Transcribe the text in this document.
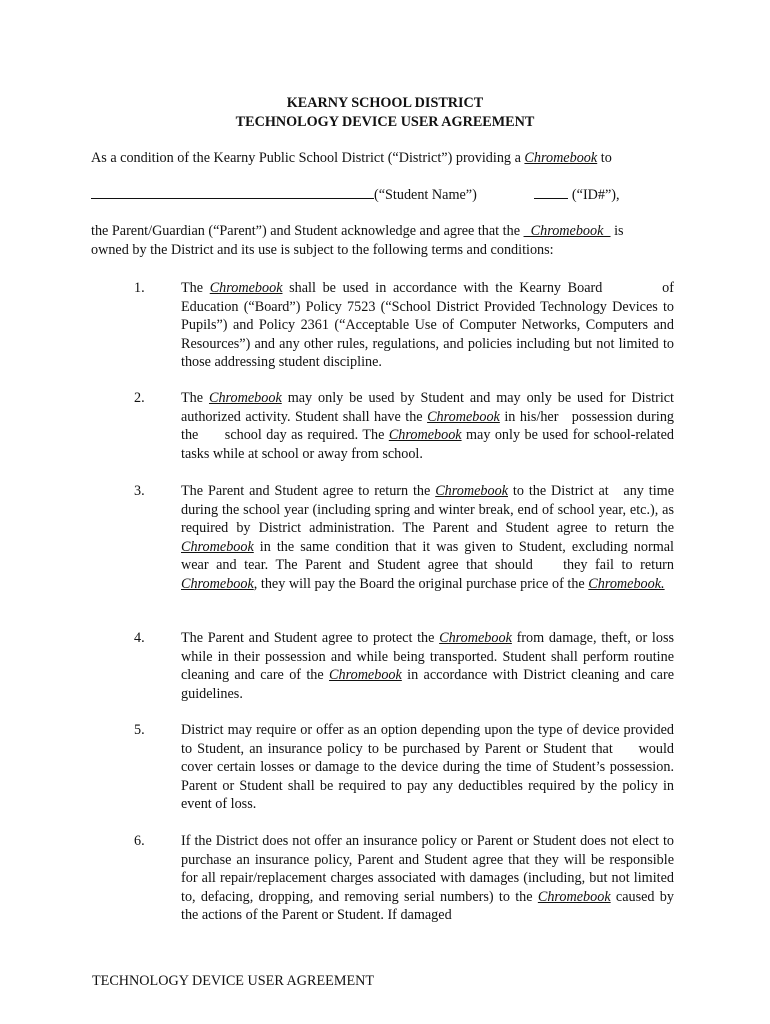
KEARNY SCHOOL DISTRICT
TECHNOLOGY DEVICE USER AGREEMENT
As a condition of the Kearny Public School District (“District”) providing a Chromebook to
(“Student Name”)	(“ID#”),
the Parent/Guardian (“Parent”) and Student acknowledge and agree that the   Chromebook   is
owned by the District and its use is subject to the following terms and conditions:
1.	The Chromebook shall be used in accordance with the Kearny Board         of Education (“Board”) Policy 7523 (“School District Provided Technology Devices to Pupils”) and Policy 2361 (“Acceptable Use of Computer Networks, Computers and Resources”) and any other rules, regulations, and policies including but not limited to those addressing student discipline.
2.	The Chromebook may only be used by Student and may only be used for District authorized activity. Student shall have the Chromebook in his/her   possession during the      school day as required. The Chromebook may only be used for school-related tasks while at school or away from school.
3.	The Parent and Student agree to return the Chromebook to the District at   any time during the school year (including spring and winter break, end of school year, etc.), as required by District administration. The Parent and Student agree to return the Chromebook in the same condition that it was given to Student, excluding normal wear and tear. The Parent and Student agree that should    they fail to return Chromebook, they will pay the Board the original purchase price of the Chromebook.
4.	The Parent and Student agree to protect the Chromebook from damage, theft, or loss while in their possession and while being transported. Student shall perform routine cleaning and care of the Chromebook in accordance with District cleaning and care guidelines.
5.	District may require or offer as an option depending upon the type of device provided to Student, an insurance policy to be purchased by Parent or Student that     would cover certain losses or damage to the device during the time of Student’s possession. Parent or Student shall be required to pay any deductibles required by the policy in event of loss.
6.	If the District does not offer an insurance policy or Parent or Student does not elect to purchase an insurance policy, Parent and Student agree that they will be responsible for all repair/replacement charges associated with damages (including, but not limited to, defacing, dropping, and removing serial numbers) to the Chromebook caused by the actions of the Parent or Student. If damaged
TECHNOLOGY DEVICE USER AGREEMENT
